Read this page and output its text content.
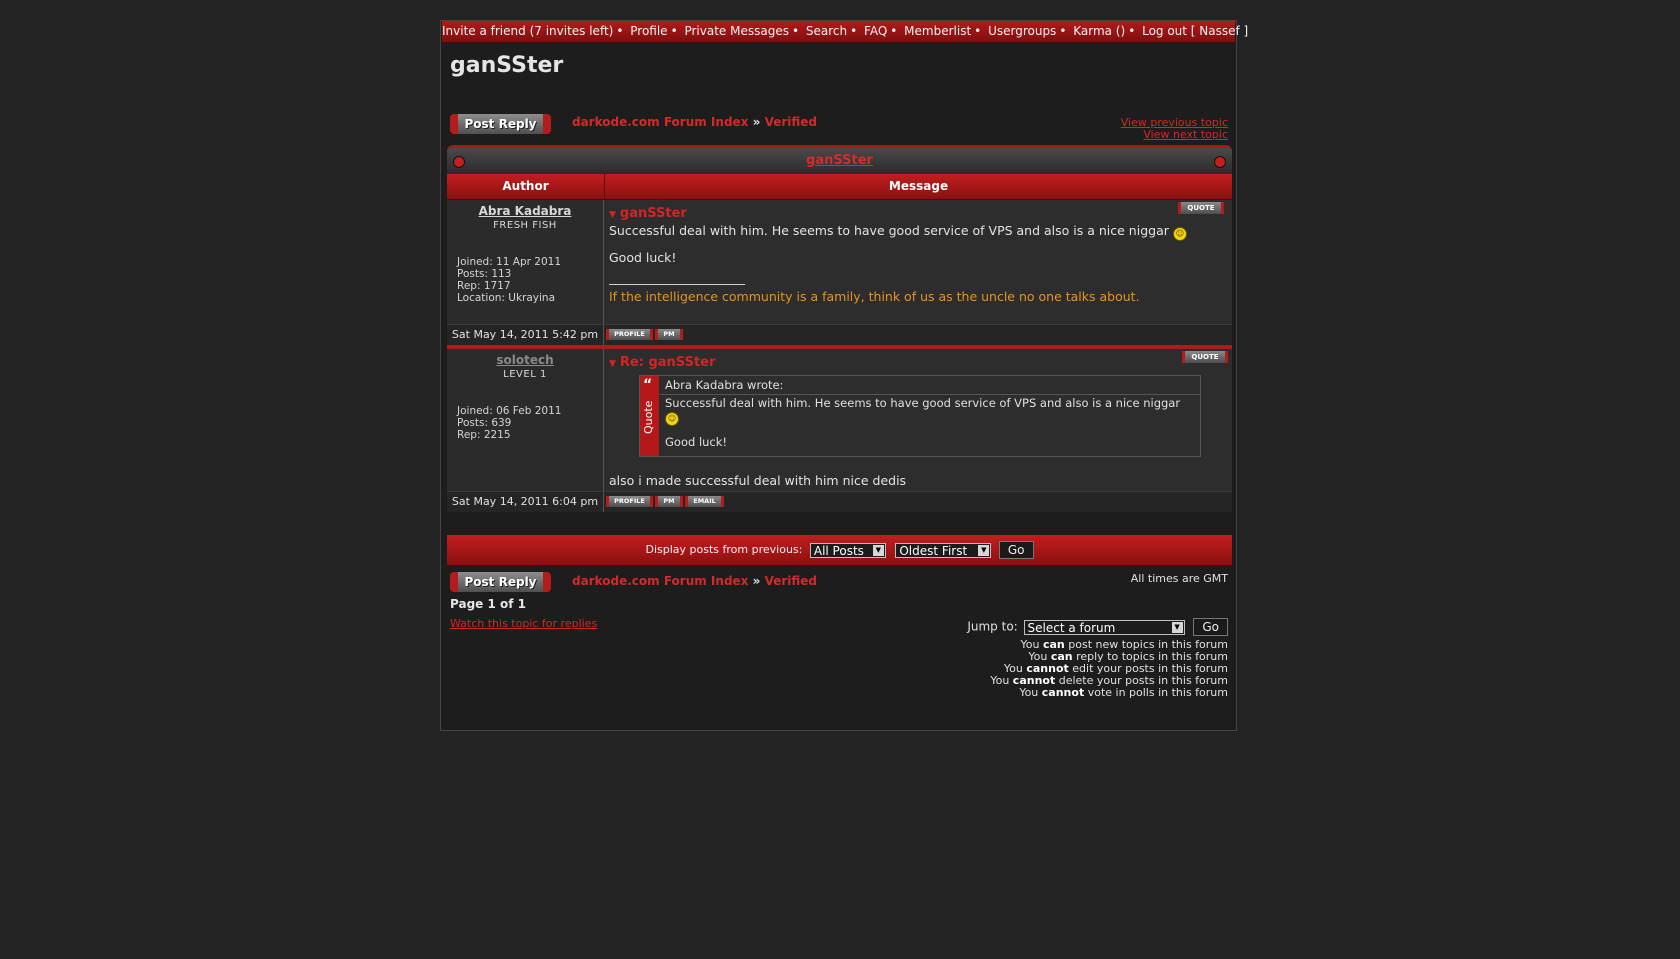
Invite a friend (7 invites left) • Profile • Private Messages • Search • FAQ • Memberlist • Usergroups • Karma () • Log out [ Nassef ]
ganSSter
Post Reply	darkode.com Forum Index » Verified	View previous topic
View next topic
ganSSter
Author	Message
Abra Kadabra
FRESH FISH
Joined: 11 Apr 2011
Posts: 113
Rep: 1717
Location: Ukrayina
▼ ganSSter	QUOTE
Successful deal with him. He seems to have good service of VPS and also is a nice niggar ☺
Good luck!
If the intelligence community is a family, think of us as the uncle no one talks about.
Sat May 14, 2011 5:42 pm	PROFILE	PM
solotech
LEVEL 1
Joined: 06 Feb 2011
Posts: 639
Rep: 2215
▼ Re: ganSSter	QUOTE
“
Quote
Abra Kadabra wrote:
Successful deal with him. He seems to have good service of VPS and also is a nice niggar
☺
Good luck!
also i made successful deal with him nice dedis
Sat May 14, 2011 6:04 pm	PROFILE	PM	EMAIL
Display posts from previous: All Posts	▼ Oldest First	▼ Go
Post Reply	darkode.com Forum Index » Verified	All times are GMT
Page 1 of 1
Watch this topic for replies	Jump to: Select a forum	▼ Go
You can post new topics in this forum
You can reply to topics in this forum
You cannot edit your posts in this forum
You cannot delete your posts in this forum
You cannot vote in polls in this forum
